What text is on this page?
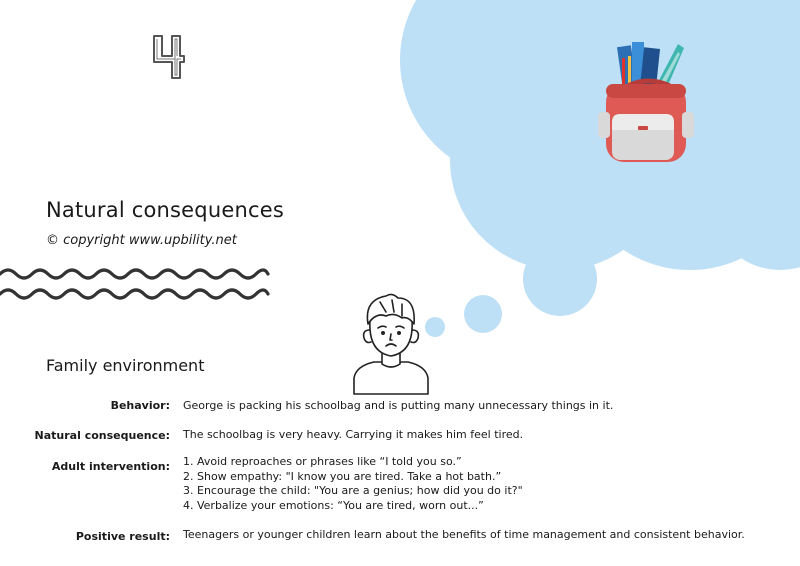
Natural consequences
© copyright www.upbility.net
Family environment
Behavior: George is packing his schoolbag and is putting many unnecessary things in it.
Natural consequence: The schoolbag is very heavy. Carrying it makes him feel tired.
Adult intervention: 1. Avoid reproaches or phrases like “I told you so.”
2. Show empathy: "I know you are tired. Take a hot bath.”
3. Encourage the child: "You are a genius; how did you do it?"
4. Verbalize your emotions: “You are tired, worn out...”
Positive result: Teenagers or younger children learn about the benefits of time management and consistent behavior.
